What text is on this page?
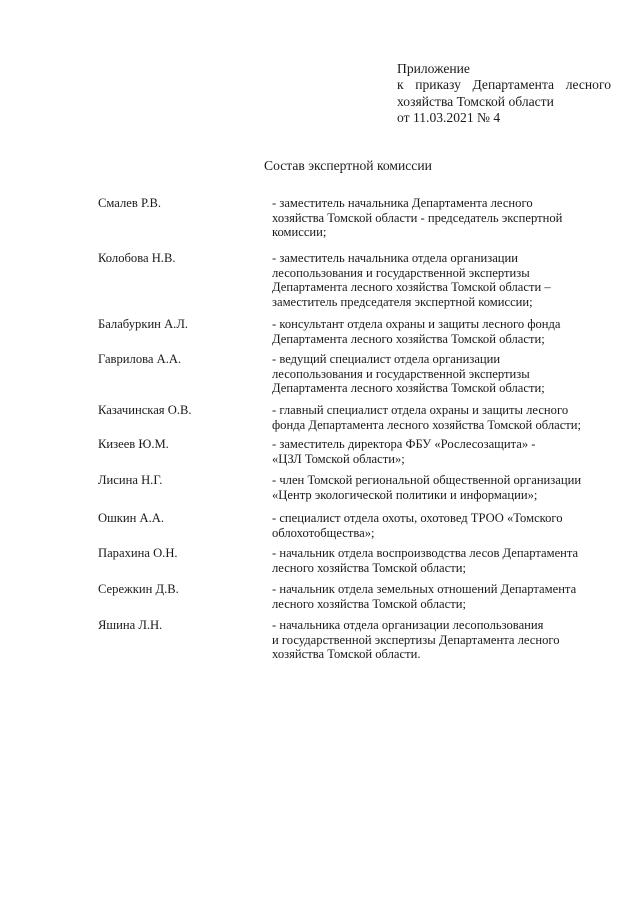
Приложение
к приказу Департамента лесного
хозяйства Томской области
от 11.03.2021 № 4
Состав экспертной комиссии
Смалев Р.В.	- заместитель начальника Департамента лесного
хозяйства Томской области - председатель экспертной
комиссии;
Колобова Н.В.	- заместитель начальника отдела организации
лесопользования и государственной экспертизы
Департамента лесного хозяйства Томской области –
заместитель председателя экспертной комиссии;
Балабуркин А.Л.	- консультант отдела охраны и защиты лесного фонда
Департамента лесного хозяйства Томской области;
Гаврилова А.А.	- ведущий специалист отдела организации
лесопользования и государственной экспертизы
Департамента лесного хозяйства Томской области;
Казачинская О.В.	- главный специалист отдела охраны и защиты лесного
фонда Департамента лесного хозяйства Томской области;
Кизеев Ю.М.	- заместитель директора ФБУ «Рослесозащита» -
«ЦЗЛ Томской области»;
Лисина Н.Г.	- член Томской региональной общественной организации
«Центр экологической политики и информации»;
Ошкин А.А.	- специалист отдела охоты, охотовед ТРОО «Томского
облохотобщества»;
Парахина О.Н.	- начальник отдела воспроизводства лесов Департамента
лесного хозяйства Томской области;
Сережкин Д.В.	- начальник отдела земельных отношений Департамента
лесного хозяйства Томской области;
Яшина Л.Н.	- начальника отдела организации лесопользования
и государственной экспертизы Департамента лесного
хозяйства Томской области.
